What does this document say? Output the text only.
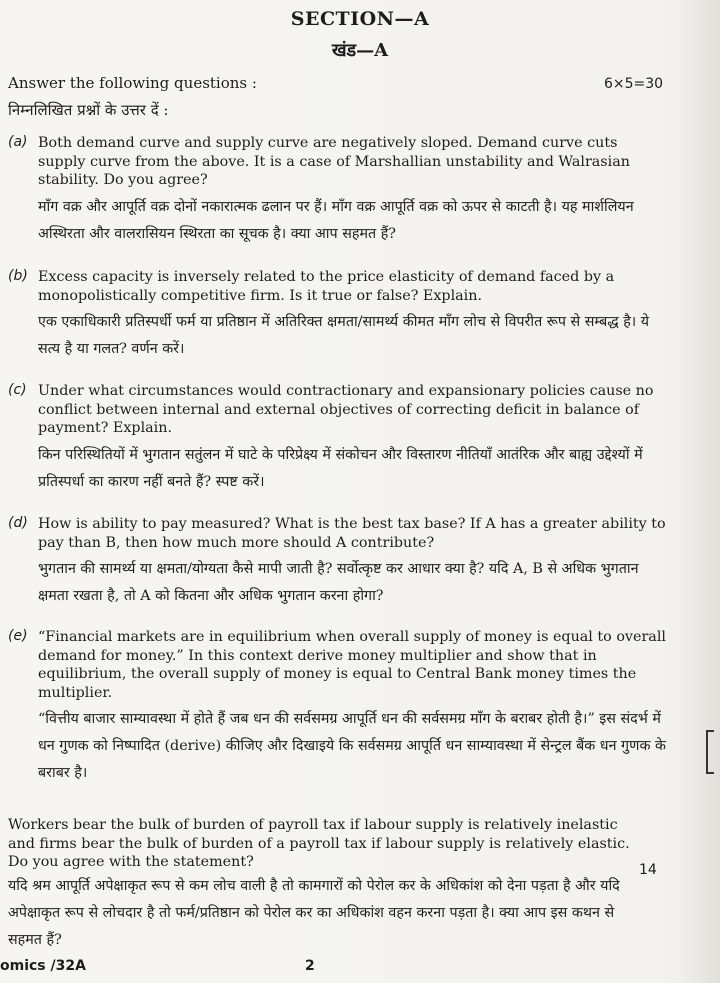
SECTION—A
खंड—A
Answer the following questions :	6×5=30
निम्नलिखित प्रश्नों के उत्तर दें :
(a) Both demand curve and supply curve are negatively sloped. Demand curve cuts supply curve from the above. It is a case of Marshallian unstability and Walrasian stability. Do you agree?
माँग वक्र और आपूर्ति वक्र दोनों नकारात्मक ढलान पर हैं। माँग वक्र आपूर्ति वक्र को ऊपर से काटती है। यह मार्शलियन अस्थिरता और वालरासियन स्थिरता का सूचक है। क्या आप सहमत हैं?
(b) Excess capacity is inversely related to the price elasticity of demand faced by a monopolistically competitive firm. Is it true or false? Explain.
एक एकाधिकारी प्रतिस्पर्धी फर्म या प्रतिष्ठान में अतिरिक्त क्षमता/सामर्थ्य कीमत माँग लोच से विपरीत रूप से सम्बद्ध है। ये सत्य है या गलत? वर्णन करें।
(c) Under what circumstances would contractionary and expansionary policies cause no conflict between internal and external objectives of correcting deficit in balance of payment? Explain.
किन परिस्थितियों में भुगतान सतुंलन में घाटे के परिप्रेक्ष्य में संकोचन और विस्तारण नीतियाँ आतंरिक और बाह्य उद्देश्यों में प्रतिस्पर्धा का कारण नहीं बनते हैं? स्पष्ट करें।
(d) How is ability to pay measured? What is the best tax base? If A has a greater ability to pay than B, then how much more should A contribute?
भुगतान की सामर्थ्य या क्षमता/योग्यता कैसे मापी जाती है? सर्वोत्कृष्ट कर आधार क्या है? यदि A, B से अधिक भुगतान क्षमता रखता है, तो A को कितना और अधिक भुगतान करना होगा?
(e) “Financial markets are in equilibrium when overall supply of money is equal to overall demand for money.” In this context derive money multiplier and show that in equilibrium, the overall supply of money is equal to Central Bank money times the multiplier.
“वित्तीय बाजार साम्यावस्था में होते हैं जब धन की सर्वसमग्र आपूर्ति धन की सर्वसमग्र माँग के बराबर होती है।” इस संदर्भ में धन गुणक को निष्पादित (derive) कीजिए और दिखाइये कि सर्वसमग्र आपूर्ति धन साम्यावस्था में सेन्ट्रल बैंक धन गुणक के बराबर है।
Workers bear the bulk of burden of payroll tax if labour supply is relatively inelastic and firms bear the bulk of burden of a payroll tax if labour supply is relatively elastic. Do you agree with the statement?	14
यदि श्रम आपूर्ति अपेक्षाकृत रूप से कम लोच वाली है तो कामगारों को पेरोल कर के अधिकांश को देना पड़ता है और यदि अपेक्षाकृत रूप से लोचदार है तो फर्म/प्रतिष्ठान को पेरोल कर का अधिकांश वहन करना पड़ता है। क्या आप इस कथन से सहमत हैं?
omics /32A	2
